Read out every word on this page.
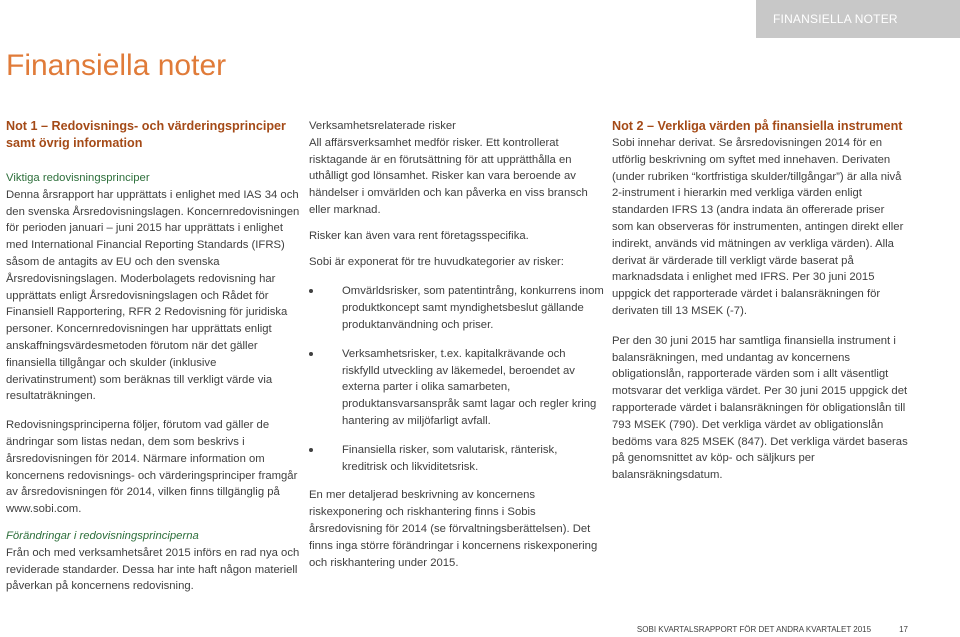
FINANSIELLA NOTER
Finansiella noter
Not 1 – Redovisnings- och värderingsprinciper samt övrig information
Viktiga redovisningsprinciper

Denna årsrapport har upprättats i enlighet med IAS 34 och den svenska Årsredovisningslagen. Koncernredovisningen för perioden januari – juni 2015 har upprättats i enlighet med International Financial Reporting Standards (IFRS) såsom de antagits av EU och den svenska Årsredovisningslagen. Moderbolagets redovisning har upprättats enligt Årsredovisningslagen och Rådet för Finansiell Rapportering, RFR 2 Redovisning för juridiska personer. Koncernredovisningen har upprättats enligt anskaffningsvärdesmetoden förutom när det gäller finansiella tillgångar och skulder (inklusive derivatinstrument) som beräknas till verkligt värde via resultaträkningen.

Redovisningsprinciperna följer, förutom vad gäller de ändringar som listas nedan, dem som beskrivs i årsredovisningen för 2014. Närmare information om koncernens redovisnings- och värderingsprinciper framgår av årsredovisningen för 2014, vilken finns tillgänglig på www.sobi.com.

Förändringar i redovisningsprinciperna

Från och med verksamhetsåret 2015 införs en rad nya och reviderade standarder. Dessa har inte haft någon materiell påverkan på koncernens redovisning.

Verksamhetsrelaterade risker

All affärsverksamhet medför risker. Ett kontrollerat risktagande är en förutsättning för att upprätthålla en uthålligt god lönsamhet. Risker kan vara beroende av händelser i omvärlden och kan påverka en viss bransch eller marknad.

Risker kan även vara rent företagsspecifika.

Sobi är exponerat för tre huvudkategorier av risker:

Omvärldsrisker, som patentintrång, konkurrens inom produktkoncept samt myndighetsbeslut gällande produktanvändning och priser.
Verksamhetsrisker, t.ex. kapitalkrävande och riskfylld utveckling av läkemedel, beroendet av externa parter i olika samarbeten, produktansvarsanspråk samt lagar och regler kring hantering av miljöfarligt avfall.
Finansiella risker, som valutarisk, ränterisk, kreditrisk och likviditetsrisk.

En mer detaljerad beskrivning av koncernens riskexponering och riskhantering finns i Sobis årsredovisning för 2014 (se förvaltningsberättelsen). Det finns inga större förändringar i koncernens riskexponering och riskhantering under 2015.

Not 2 – Verkliga värden på finansiella instrument

Sobi innehar derivat. Se årsredovisningen 2014 för en utförlig beskrivning om syftet med innehaven. Derivaten (under rubriken “kortfristiga skulder/tillgångar”) är alla nivå 2-instrument i hierarkin med verkliga värden enligt standarden IFRS 13 (andra indata än offererade priser som kan observeras för instrumenten, antingen direkt eller indirekt, används vid mätningen av verkliga värden). Alla derivat är värderade till verkligt värde baserat på marknadsdata i enlighet med IFRS. Per 30 juni 2015 uppgick det rapporterade värdet i balansräkningen för derivaten till 13 MSEK (-7).

Per den 30 juni 2015 har samtliga finansiella instrument i balansräkningen, med undantag av koncernens obligationslån, rapporterade värden som i allt väsentligt motsvarar det verkliga värdet. Per 30 juni 2015 uppgick det rapporterade värdet i balansräkningen för obligationslån till 793 MSEK (790). Det verkliga värdet av obligationslån bedöms vara 825 MSEK (847). Det verkliga värdet baseras på genomsnittet av köp- och säljkurs per balansräkningsdatum.

SOBI KVARTALSRAPPORT FÖR DET ANDRA KVARTALET 2015	17
